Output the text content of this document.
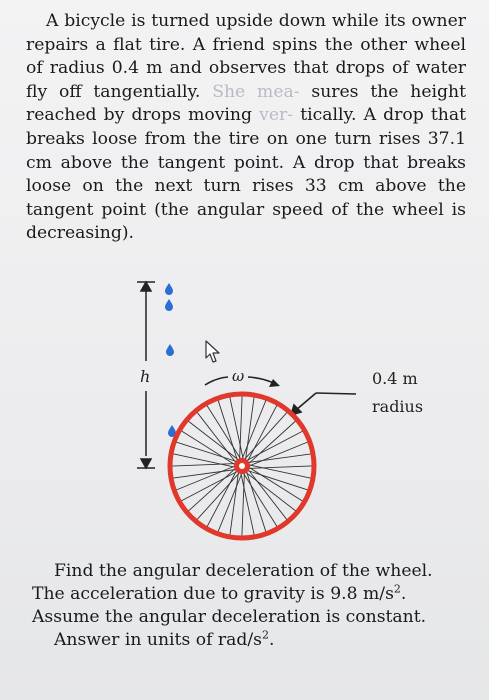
A bicycle is turned upside down while its owner repairs a flat tire. A friend spins the other wheel of radius 0.4 m and observes that drops of water fly off tangentially. She mea- sures the height reached by drops moving ver- tically. A drop that breaks loose from the tire on one turn rises 37.1 cm above the tangent point. A drop that breaks loose on the next turn rises 33 cm above the tangent point (the angular speed of the wheel is decreasing).

h	ω	0.4 m
radius

Find the angular deceleration of the wheel.

The acceleration due to gravity is 9.8 $m/s^2$.

Assume the angular deceleration is constant.

Answer in units of rad/$s^2$.
